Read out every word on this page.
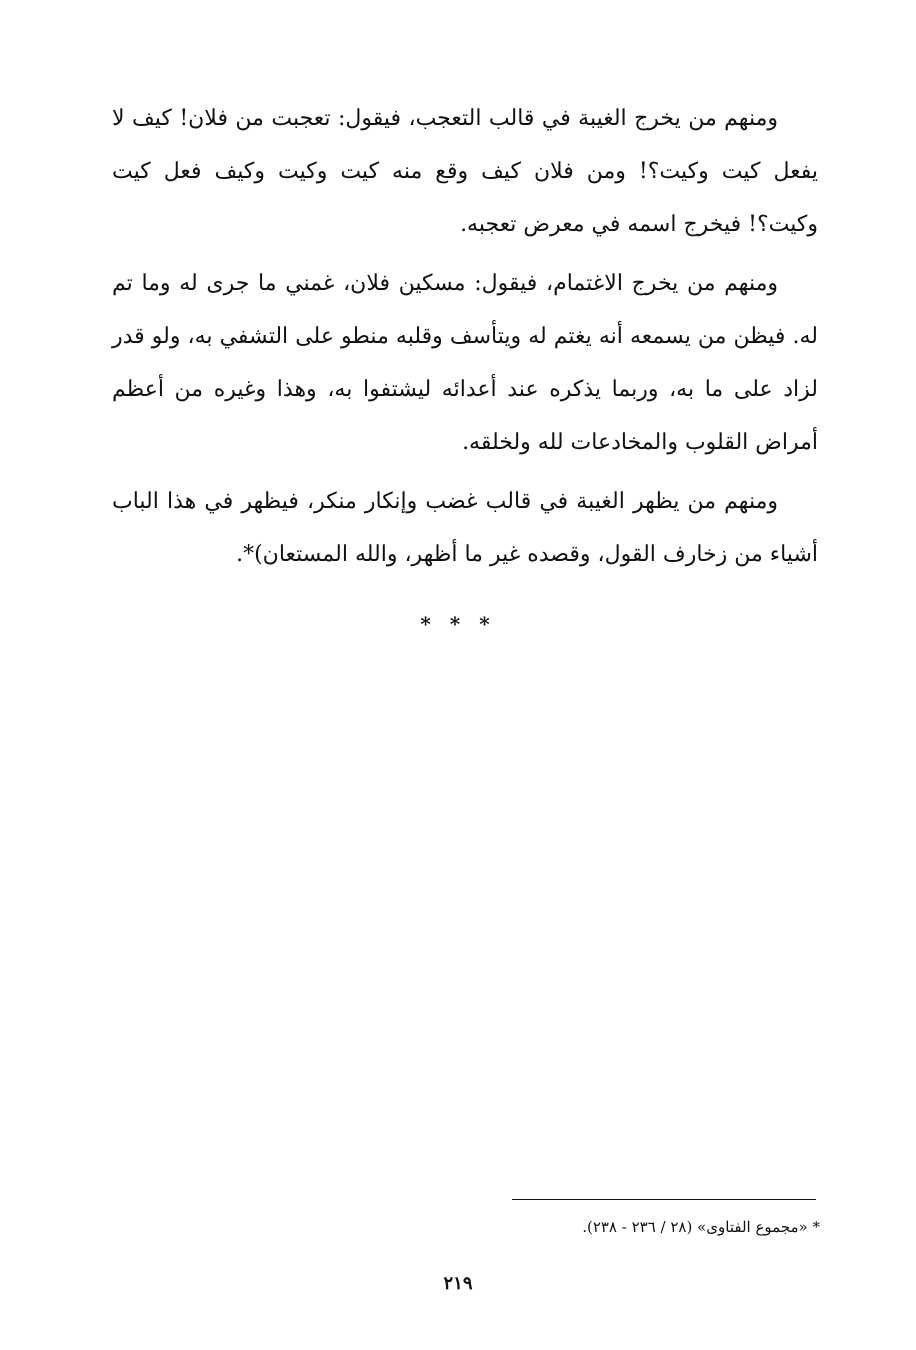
ومنهم من يخرج الغيبة في قالب التعجب، فيقول: تعجبت من فلان! كيف لا يفعل كيت وكيت؟! ومن فلان كيف وقع منه كيت وكيت وكيف فعل كيت وكيت؟! فيخرج اسمه في معرض تعجبه.

ومنهم من يخرج الاغتمام، فيقول: مسكين فلان، غمني ما جرى له وما تم له. فيظن من يسمعه أنه يغتم له ويتأسف وقلبه منطو على التشفي به، ولو قدر لزاد على ما به، وربما يذكره عند أعدائه ليشتفوا به، وهذا وغيره من أعظم أمراض القلوب والمخادعات لله ولخلقه.

ومنهم من يظهر الغيبة في قالب غضب وإنكار منكر، فيظهر في هذا الباب أشياء من زخارف القول، وقصده غير ما أظهر، والله المستعان)*.

* * *
* «مجموع الفتاوى» (٢٨ / ٢٣٦ - ٢٣٨).
٢١٩
